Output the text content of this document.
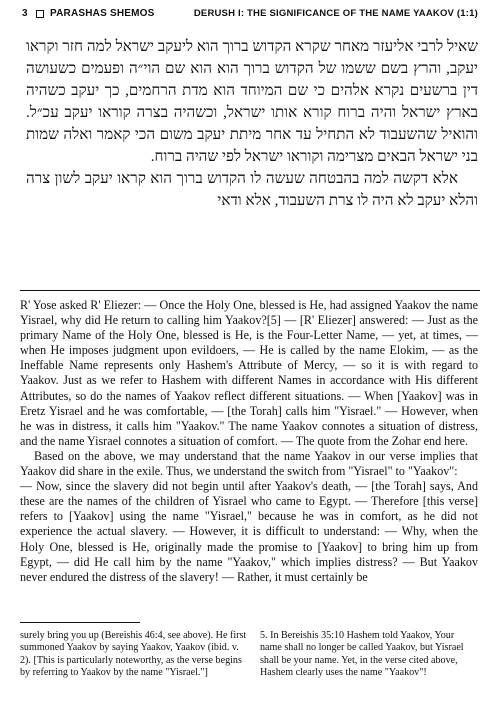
3 PARASHAS SHEMOS	DERUSH I: THE SIGNIFICANCE OF THE NAME YAAKOV (1:1)

שאיל לרבי אליעזר מאחר שקרא הקדוש ברוך הוא ליעקב ישראל למה חזר וקראו יעקב, והרץ בשם ששמו של הקדוש ברוך הוא הוא שם הוי״ה ופעמים כשעושה דין ברשעים נקרא אלהים כי שם המיוחד הוא מדת הרחמים, כך יעקב כשהיה בארץ ישראל והיה ברוח קורא אותו ישראל, וכשהיה בצרה קוראו יעקב עכ״ל. והואיל שהשעבוד לא התחיל עד אחר מיתת יעקב משום הכי קאמר ואלה שמות בני ישראל הבאים מצרימה וקוראו ישראל לפי שהיה ברוח.

אלא דקשה למה בהבטחה שעשה לו הקדוש ברוך הוא קראו יעקב לשון צרה והלא יעקב לא היה לו צרת השעבוד, אלא ודאי

R' Yose asked R' Eliezer: — Once the Holy One, blessed is He, had assigned Yaakov the name Yisrael, why did He return to calling him Yaakov?[5] — [R' Eliezer] answered: — Just as the primary Name of the Holy One, blessed is He, is the Four-Letter Name, — yet, at times, — when He imposes judgment upon evildoers, — He is called by the name Elokim, — as the Ineffable Name represents only Hashem's Attribute of Mercy, — so it is with regard to Yaakov. Just as we refer to Hashem with different Names in accordance with His different Attributes, so do the names of Yaakov reflect different situations. — When [Yaakov] was in Eretz Yisrael and he was comfortable, — [the Torah] calls him "Yisrael." — However, when he was in distress, it calls him "Yaakov." The name Yaakov connotes a situation of distress, and the name Yisrael connotes a situation of comfort. — The quote from the Zohar end here.

Based on the above, we may understand that the name Yaakov in our verse implies that Yaakov did share in the exile. Thus, we understand the switch from "Yisrael" to "Yaakov":

— Now, since the slavery did not begin until after Yaakov's death, — [the Torah] says, And these are the names of the children of Yisrael who came to Egypt. — Therefore [this verse] refers to [Yaakov] using the name "Yisrael," because he was in comfort, as he did not experience the actual slavery. — However, it is difficult to understand: — Why, when the Holy One, blessed is He, originally made the promise to [Yaakov] to bring him up from Egypt, — did He call him by the name "Yaakov," which implies distress? — But Yaakov never endured the distress of the slavery! — Rather, it must certainly be

surely bring you up (Bereishis 46:4, see above). He first summoned Yaakov by saying Yaakov, Yaakov (ibid. v. 2). [This is particularly noteworthy, as the verse begins by referring to Yaakov by the name "Yisrael."]
5. In Bereishis 35:10 Hashem told Yaakov, Your name shall no longer be called Yaakov, but Yisrael shall be your name. Yet, in the verse cited above, Hashem clearly uses the name "Yaakov"!
